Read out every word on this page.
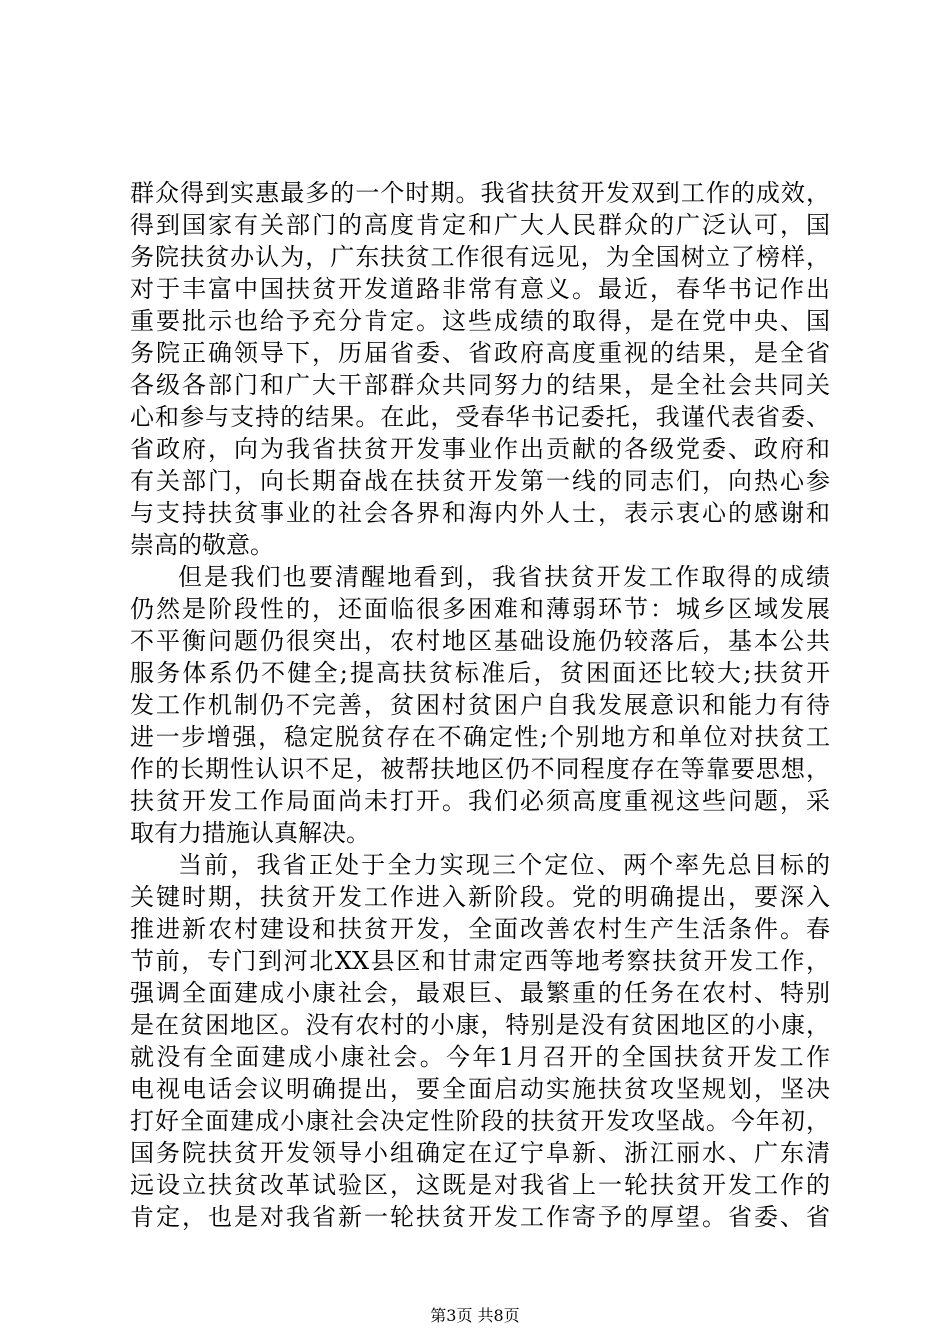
群众得到实惠最多的一个时期。我省扶贫开发双到工作的成效，
得到国家有关部门的高度肯定和广大人民群众的广泛认可，国
务院扶贫办认为，广东扶贫工作很有远见，为全国树立了榜样，
对于丰富中国扶贫开发道路非常有意义。最近，春华书记作出
重要批示也给予充分肯定。这些成绩的取得，是在党中央、国
务院正确领导下，历届省委、省政府高度重视的结果，是全省
各级各部门和广大干部群众共同努力的结果，是全社会共同关
心和参与支持的结果。在此，受春华书记委托，我谨代表省委、
省政府，向为我省扶贫开发事业作出贡献的各级党委、政府和
有关部门，向长期奋战在扶贫开发第一线的同志们，向热心参
与支持扶贫事业的社会各界和海内外人士，表示衷心的感谢和
崇高的敬意。
但是我们也要清醒地看到，我省扶贫开发工作取得的成绩
仍然是阶段性的，还面临很多困难和薄弱环节：城乡区域发展
不平衡问题仍很突出，农村地区基础设施仍较落后，基本公共
服务体系仍不健全;提高扶贫标准后，贫困面还比较大;扶贫开
发工作机制仍不完善，贫困村贫困户自我发展意识和能力有待
进一步增强，稳定脱贫存在不确定性;个别地方和单位对扶贫工
作的长期性认识不足，被帮扶地区仍不同程度存在等靠要思想，
扶贫开发工作局面尚未打开。我们必须高度重视这些问题，采
取有力措施认真解决。
当前，我省正处于全力实现三个定位、两个率先总目标的
关键时期，扶贫开发工作进入新阶段。党的明确提出，要深入
推进新农村建设和扶贫开发，全面改善农村生产生活条件。春
节前，专门到河北XX县区和甘肃定西等地考察扶贫开发工作，
强调全面建成小康社会，最艰巨、最繁重的任务在农村、特别
是在贫困地区。没有农村的小康，特别是没有贫困地区的小康，
就没有全面建成小康社会。今年1月召开的全国扶贫开发工作
电视电话会议明确提出，要全面启动实施扶贫攻坚规划，坚决
打好全面建成小康社会决定性阶段的扶贫开发攻坚战。今年初，
国务院扶贫开发领导小组确定在辽宁阜新、浙江丽水、广东清
远设立扶贫改革试验区，这既是对我省上一轮扶贫开发工作的
肯定，也是对我省新一轮扶贫开发工作寄予的厚望。省委、省
第3页 共8页
